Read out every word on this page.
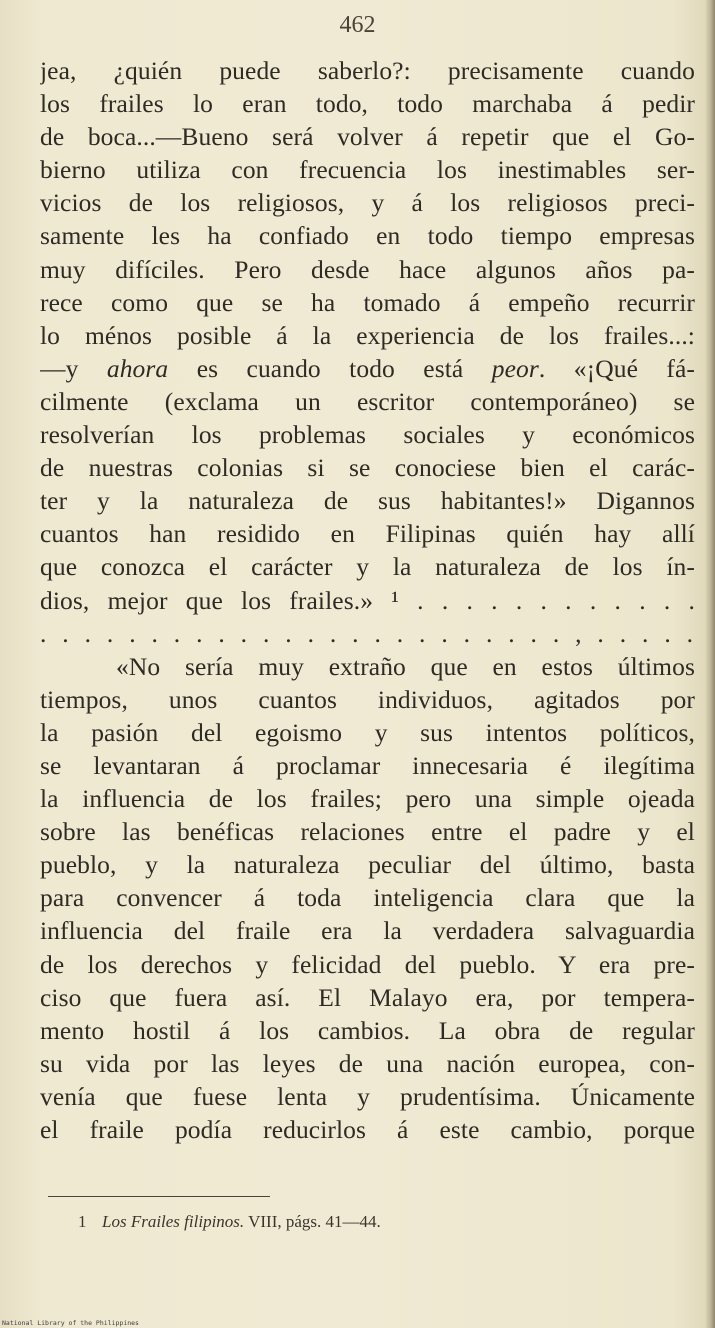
462
jea, ¿quién puede saberlo?: precisamente cuando
los frailes lo eran todo, todo marchaba á pedir
de boca...—Bueno será volver á repetir que el Go-
bierno utiliza con frecuencia los inestimables ser-
vicios de los religiosos, y á los religiosos preci-
samente les ha confiado en todo tiempo empresas
muy difíciles. Pero desde hace algunos años pa-
rece como que se ha tomado á empeño recurrir
lo ménos posible á la experiencia de los frailes...:
—y ahora es cuando todo está peor. «¡Qué fá-
cilmente (exclama un escritor contemporáneo) se
resolverían los problemas sociales y económicos
de nuestras colonias si se conociese bien el carác-
ter y la naturaleza de sus habitantes!» Digannos
cuantos han residido en Filipinas quién hay allí
que conozca el carácter y la naturaleza de los ín-
dios, mejor que los frailes.» ¹ . . . . . . . . . . . .
. . . . . . . . . . . . . . . . . . . . . . . . , . . . . .
«No sería muy extraño que en estos últimos
tiempos, unos cuantos individuos, agitados por
la pasión del egoismo y sus intentos políticos,
se levantaran á proclamar innecesaria é ilegítima
la influencia de los frailes; pero una simple ojeada
sobre las benéficas relaciones entre el padre y el
pueblo, y la naturaleza peculiar del último, basta
para convencer á toda inteligencia clara que la
influencia del fraile era la verdadera salvaguardia
de los derechos y felicidad del pueblo. Y era pre-
ciso que fuera así. El Malayo era, por tempera-
mento hostil á los cambios. La obra de regular
su vida por las leyes de una nación europea, con-
venía que fuese lenta y prudentísima. Únicamente
el fraile podía reducirlos á este cambio, porque
1 Los Frailes filipinos. VIII, págs. 41—44.
National Library of the Philippines
